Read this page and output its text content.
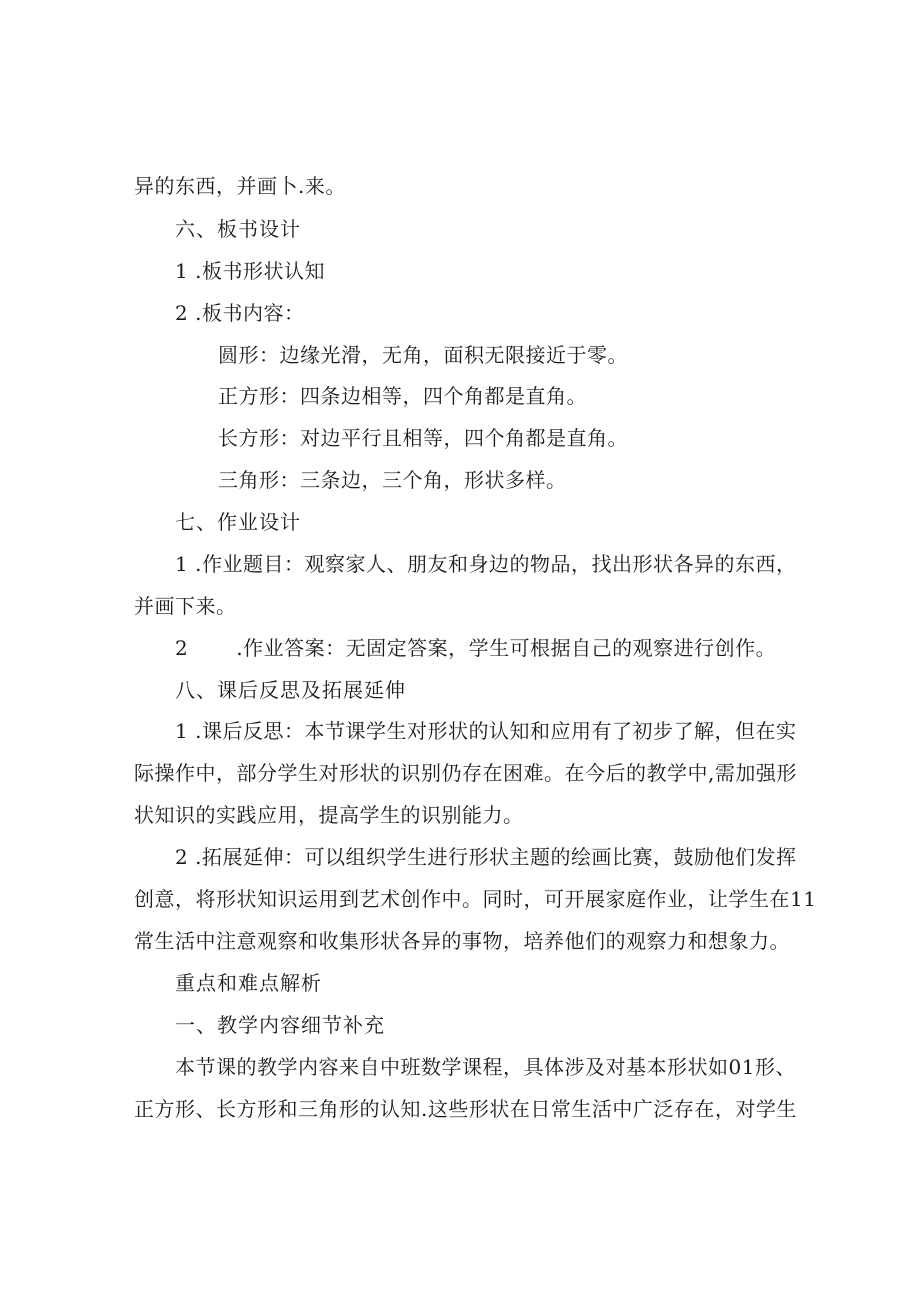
异的东西，并画卜.来。
六、板书设计
1 .板书形状认知
2 .板书内容：
圆形：边缘光滑，无角，面积无限接近于零。
正方形：四条边相等，四个角都是直角。
长方形：对边平行且相等，四个角都是直角。
三角形：三条边，三个角，形状多样。
七、作业设计
1 .作业题目：观察家人、朋友和身边的物品，找出形状各异的东西，
并画下来。
2       .作业答案：无固定答案，学生可根据自己的观察进行创作。
八、课后反思及拓展延伸
1 .课后反思：本节课学生对形状的认知和应用有了初步了解，但在实
际操作中，部分学生对形状的识别仍存在困难。在今后的教学中,需加强形
状知识的实践应用，提高学生的识别能力。
2 .拓展延伸：可以组织学生进行形状主题的绘画比赛，鼓励他们发挥
创意，将形状知识运用到艺术创作中。同时，可开展家庭作业，让学生在11
常生活中注意观察和收集形状各异的事物，培养他们的观察力和想象力。
重点和难点解析
一、教学内容细节补充
本节课的教学内容来自中班数学课程，具体涉及对基本形状如01形、
正方形、长方形和三角形的认知.这些形状在日常生活中广泛存在，对学生
